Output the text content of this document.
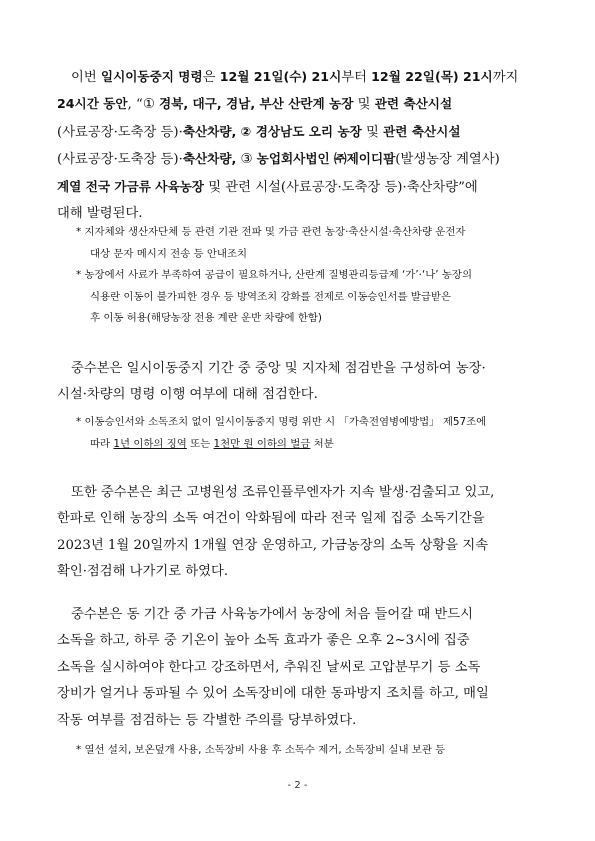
이번 일시이동중지 명령은 12월 21일(수) 21시부터 12월 22일(목) 21시까지
24시간 동안, “① 경북, 대구, 경남, 부산 산란계 농장 및 관련 축산시설
(사료공장·도축장 등)·축산차량, ② 경상남도 오리 농장 및 관련 축산시설
(사료공장·도축장 등)·축산차량, ③ 농업회사법인 ㈜제이디팜(발생농장 계열사)
계열 전국 가금류 사육농장 및 관련 시설(사료공장·도축장 등)·축산차량”에
대해 발령된다.
* 지자체와 생산자단체 등 관련 기관 전파 및 가금 관련 농장·축산시설·축산차량 운전자
대상 문자 메시지 전송 등 안내조치
* 농장에서 사료가 부족하여 공급이 필요하거나, 산란계 질병관리등급제 ‘가’·‘나’ 농장의
식용란 이동이 불가피한 경우 등 방역조치 강화를 전제로 이동승인서를 발급받은
후 이동 허용(해당농장 전용 계란 운반 차량에 한함)
중수본은 일시이동중지 기간 중 중앙 및 지자체 점검반을 구성하여 농장·
시설·차량의 명령 이행 여부에 대해 점검한다.
* 이동승인서와 소독조치 없이 일시이동중지 명령 위반 시 「가축전염병예방법」 제57조에
따라 1년 이하의 징역 또는 1천만 원 이하의 벌금 처분
또한 중수본은 최근 고병원성 조류인플루엔자가 지속 발생·검출되고 있고,
한파로 인해 농장의 소독 여건이 악화됨에 따라 전국 일제 집중 소독기간을
2023년 1월 20일까지 1개월 연장 운영하고, 가금농장의 소독 상황을 지속
확인·점검해 나가기로 하였다.
중수본은 동 기간 중 가금 사육농가에서 농장에 처음 들어갈 때 반드시
소독을 하고, 하루 중 기온이 높아 소독 효과가 좋은 오후 2~3시에 집중
소독을 실시하여야 한다고 강조하면서, 추워진 날씨로 고압분무기 등 소독
장비가 얼거나 동파될 수 있어 소독장비에 대한 동파방지 조치를 하고, 매일
작동 여부를 점검하는 등 각별한 주의를 당부하였다.
* 열선 설치, 보온덮개 사용, 소독장비 사용 후 소독수 제거, 소독장비 실내 보관 등
- 2 -
